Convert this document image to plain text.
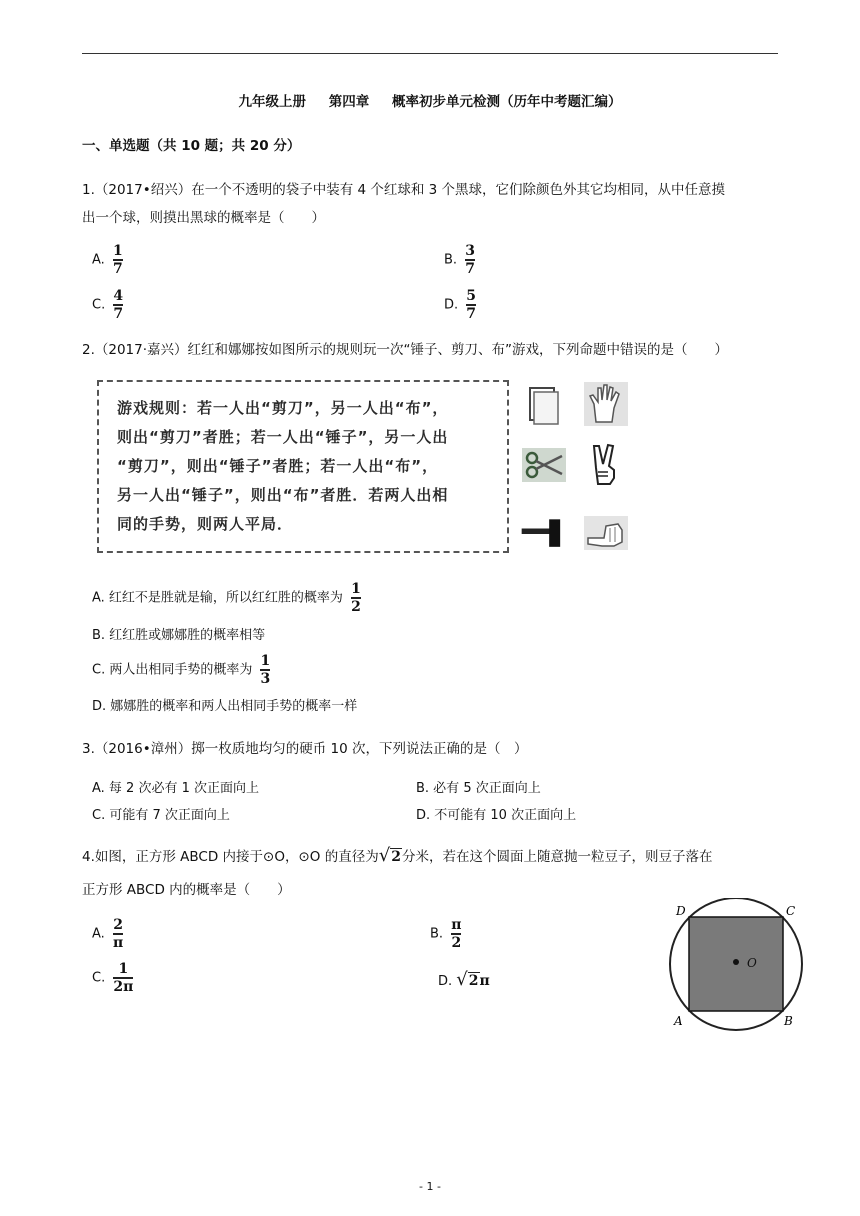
九年级上册 第四章 概率初步单元检测（历年中考题汇编）
一、单选题（共 10 题；共 20 分）
1.（2017•绍兴）在一个不透明的袋子中装有 4 个红球和 3 个黑球，它们除颜色外其它均相同，从中任意摸
出一个球，则摸出黑球的概率是（　　）
A. $\frac{1}{7}$	B. $\frac{3}{7}$
C. $\frac{4}{7}$	D. $\frac{5}{7}$
2.（2017·嘉兴）红红和娜娜按如图所示的规则玩一次“锤子、剪刀、布”游戏，下列命题中错误的是（　　）
游戏规则：若一人出“剪刀”，另一人出“布”，
则出“剪刀”者胜；若一人出“锤子”，另一人出
“剪刀”，则出“锤子”者胜；若一人出“布”，
另一人出“锤子”，则出“布”者胜．若两人出相
同的手势，则两人平局．
A. 红红不是胜就是输，所以红红胜的概率为 $\frac{1}{2}$
B. 红红胜或娜娜胜的概率相等
C. 两人出相同手势的概率为 $\frac{1}{3}$
D. 娜娜胜的概率和两人出相同手势的概率一样
3.（2016•漳州）掷一枚质地均匀的硬币 10 次，下列说法正确的是（　）
A. 每 2 次必有 1 次正面向上	B. 必有 5 次正面向上
C. 可能有 7 次正面向上	D. 不可能有 10 次正面向上
4.如图，正方形 ABCD 内接于⊙O，⊙O 的直径为√2分米，若在这个圆面上随意抛一粒豆子，则豆子落在
正方形 ABCD 内的概率是（　　）
A. $\frac{2}{\pi}$	B. $\frac{\pi}{2}$
C. $\frac{1}{2\pi}$	D. √2π
D	C
A	B
O
- 1 -
